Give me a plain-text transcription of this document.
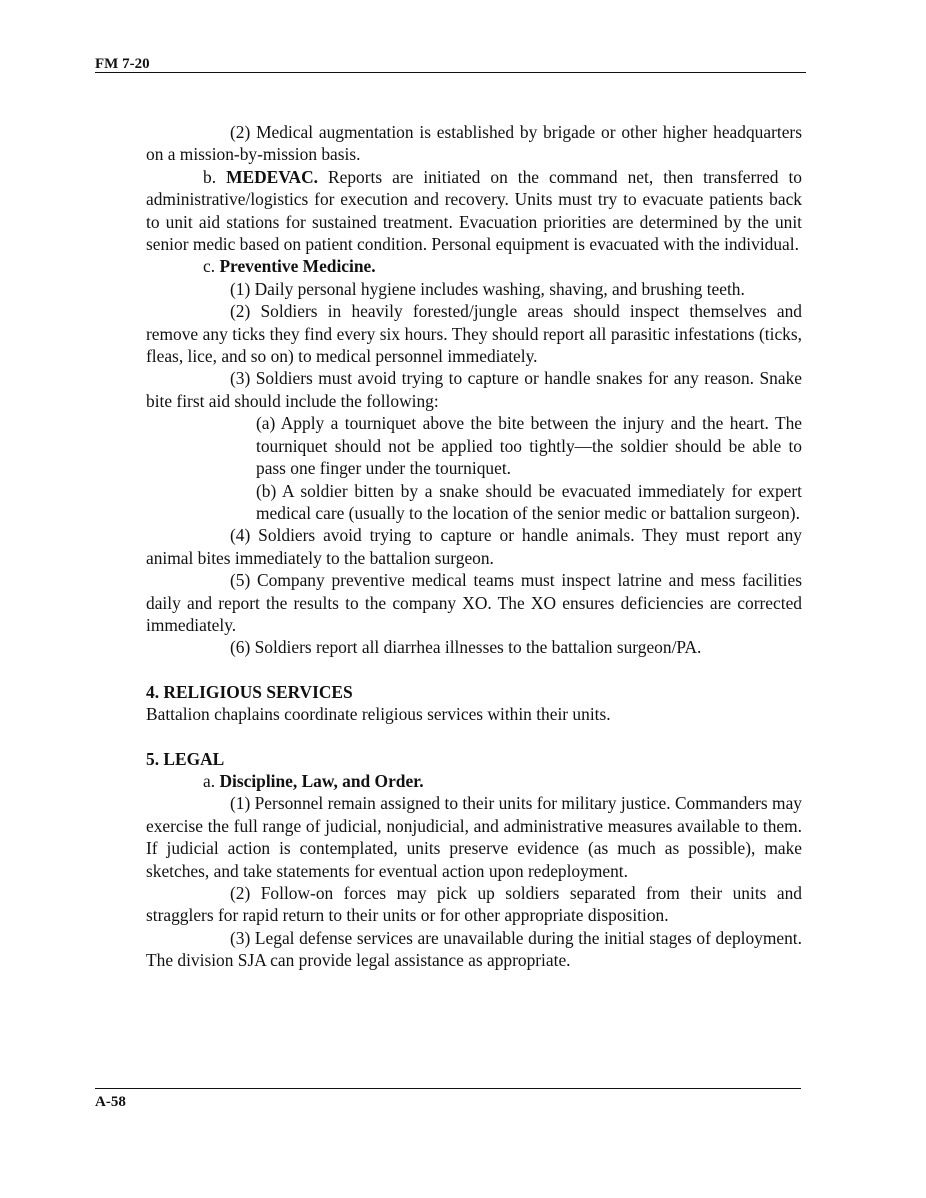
FM 7-20

(2) Medical augmentation is established by brigade or other higher headquarters on a mission-by-mission basis.

b. MEDEVAC. Reports are initiated on the command net, then transferred to administrative/logistics for execution and recovery. Units must try to evacuate patients back to unit aid stations for sustained treatment. Evacuation priorities are determined by the unit senior medic based on patient condition. Personal equipment is evacuated with the individual.

c. Preventive Medicine.

(1) Daily personal hygiene includes washing, shaving, and brushing teeth.

(2) Soldiers in heavily forested/jungle areas should inspect themselves and remove any ticks they find every six hours. They should report all parasitic infestations (ticks, fleas, lice, and so on) to medical personnel immediately.

(3) Soldiers must avoid trying to capture or handle snakes for any reason. Snake bite first aid should include the following:

(a) Apply a tourniquet above the bite between the injury and the heart. The tourniquet should not be applied too tightly—the soldier should be able to pass one finger under the tourniquet.

(b) A soldier bitten by a snake should be evacuated immediately for expert medical care (usually to the location of the senior medic or battalion surgeon).

(4) Soldiers avoid trying to capture or handle animals. They must report any animal bites immediately to the battalion surgeon.

(5) Company preventive medical teams must inspect latrine and mess facilities daily and report the results to the company XO. The XO ensures deficiencies are corrected immediately.

(6) Soldiers report all diarrhea illnesses to the battalion surgeon/PA.

4. RELIGIOUS SERVICES

Battalion chaplains coordinate religious services within their units.

5. LEGAL

a. Discipline, Law, and Order.

(1) Personnel remain assigned to their units for military justice. Commanders may exercise the full range of judicial, nonjudicial, and administrative measures available to them. If judicial action is contemplated, units preserve evidence (as much as possible), make sketches, and take statements for eventual action upon redeployment.

(2) Follow-on forces may pick up soldiers separated from their units and stragglers for rapid return to their units or for other appropriate disposition.

(3) Legal defense services are unavailable during the initial stages of deployment. The division SJA can provide legal assistance as appropriate.

A-58
